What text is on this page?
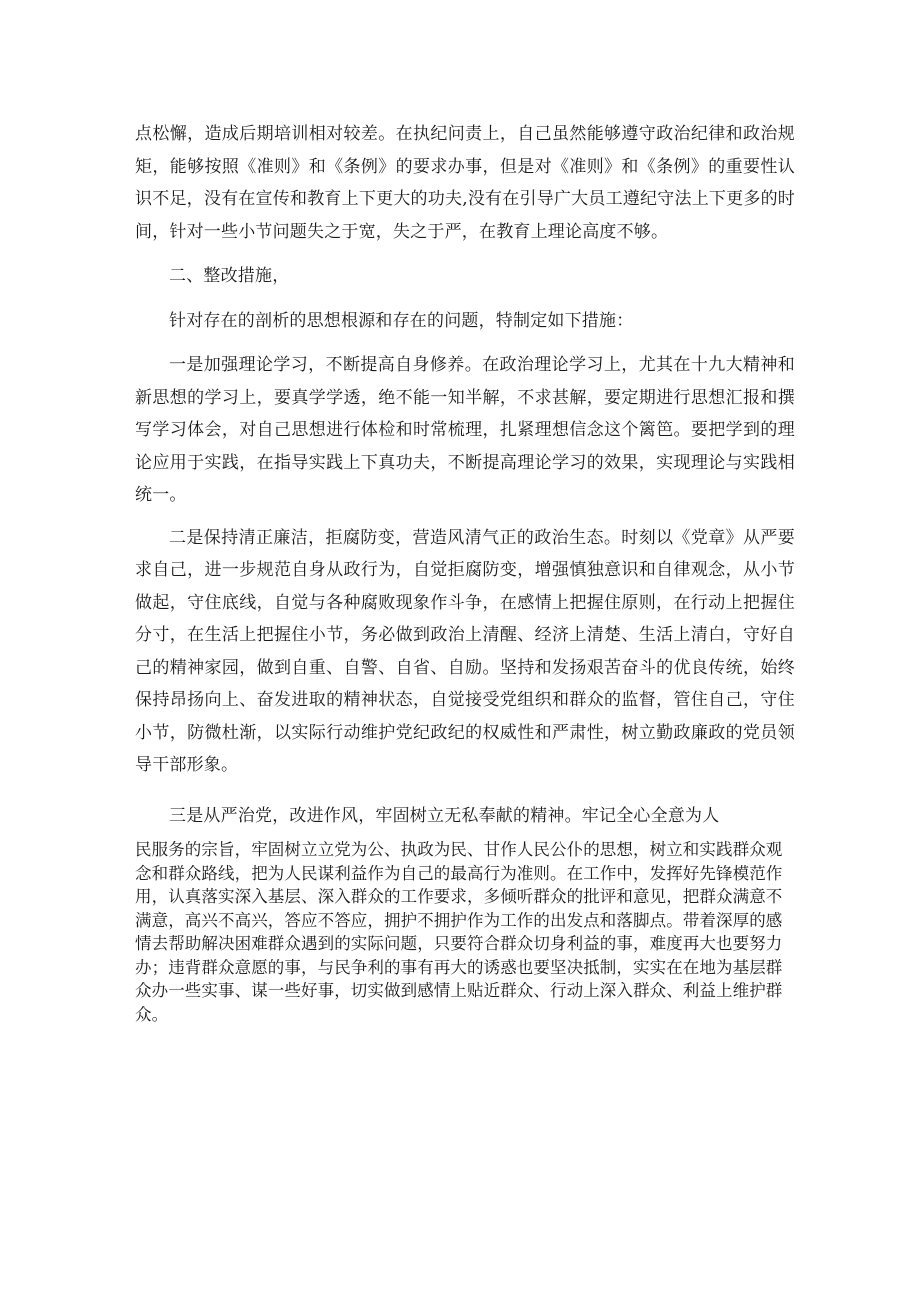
点松懈，造成后期培训相对较差。在执纪问责上，自己虽然能够遵守政治纪律和政治规矩，能够按照《准则》和《条例》的要求办事，但是对《准则》和《条例》的重要性认识不足，没有在宣传和教育上下更大的功夫,没有在引导广大员工遵纪守法上下更多的时间，针对一些小节问题失之于宽，失之于严，在教育上理论高度不够。

二、整改措施，

针对存在的剖析的思想根源和存在的问题，特制定如下措施：

一是加强理论学习，不断提高自身修养。在政治理论学习上，尤其在十九大精神和新思想的学习上，要真学学透，绝不能一知半解，不求甚解，要定期进行思想汇报和撰写学习体会，对自己思想进行体检和时常梳理，扎紧理想信念这个篱笆。要把学到的理论应用于实践，在指导实践上下真功夫，不断提高理论学习的效果，实现理论与实践相统一。

二是保持清正廉洁，拒腐防变，营造风清气正的政治生态。时刻以《党章》从严要求自己，进一步规范自身从政行为，自觉拒腐防变，增强慎独意识和自律观念，从小节做起，守住底线，自觉与各种腐败现象作斗争，在感情上把握住原则，在行动上把握住分寸，在生活上把握住小节，务必做到政治上清醒、经济上清楚、生活上清白，守好自己的精神家园，做到自重、自警、自省、自励。坚持和发扬艰苦奋斗的优良传统，始终保持昂扬向上、奋发进取的精神状态，自觉接受党组织和群众的监督，管住自己，守住小节，防微杜渐，以实际行动维护党纪政纪的权威性和严肃性，树立勤政廉政的党员领导干部形象。

三是从严治党，改进作风，牢固树立无私奉献的精神。牢记全心全意为人

民服务的宗旨，牢固树立立党为公、执政为民、甘作人民公仆的思想，树立和实践群众观念和群众路线，把为人民谋利益作为自己的最高行为准则。在工作中，发挥好先锋模范作用，认真落实深入基层、深入群众的工作要求，多倾听群众的批评和意见，把群众满意不满意，高兴不高兴，答应不答应，拥护不拥护作为工作的出发点和落脚点。带着深厚的感情去帮助解决困难群众遇到的实际问题，只要符合群众切身利益的事，难度再大也要努力办；违背群众意愿的事，与民争利的事有再大的诱惑也要坚决抵制，实实在在地为基层群众办一些实事、谋一些好事，切实做到感情上贴近群众、行动上深入群众、利益上维护群众。
